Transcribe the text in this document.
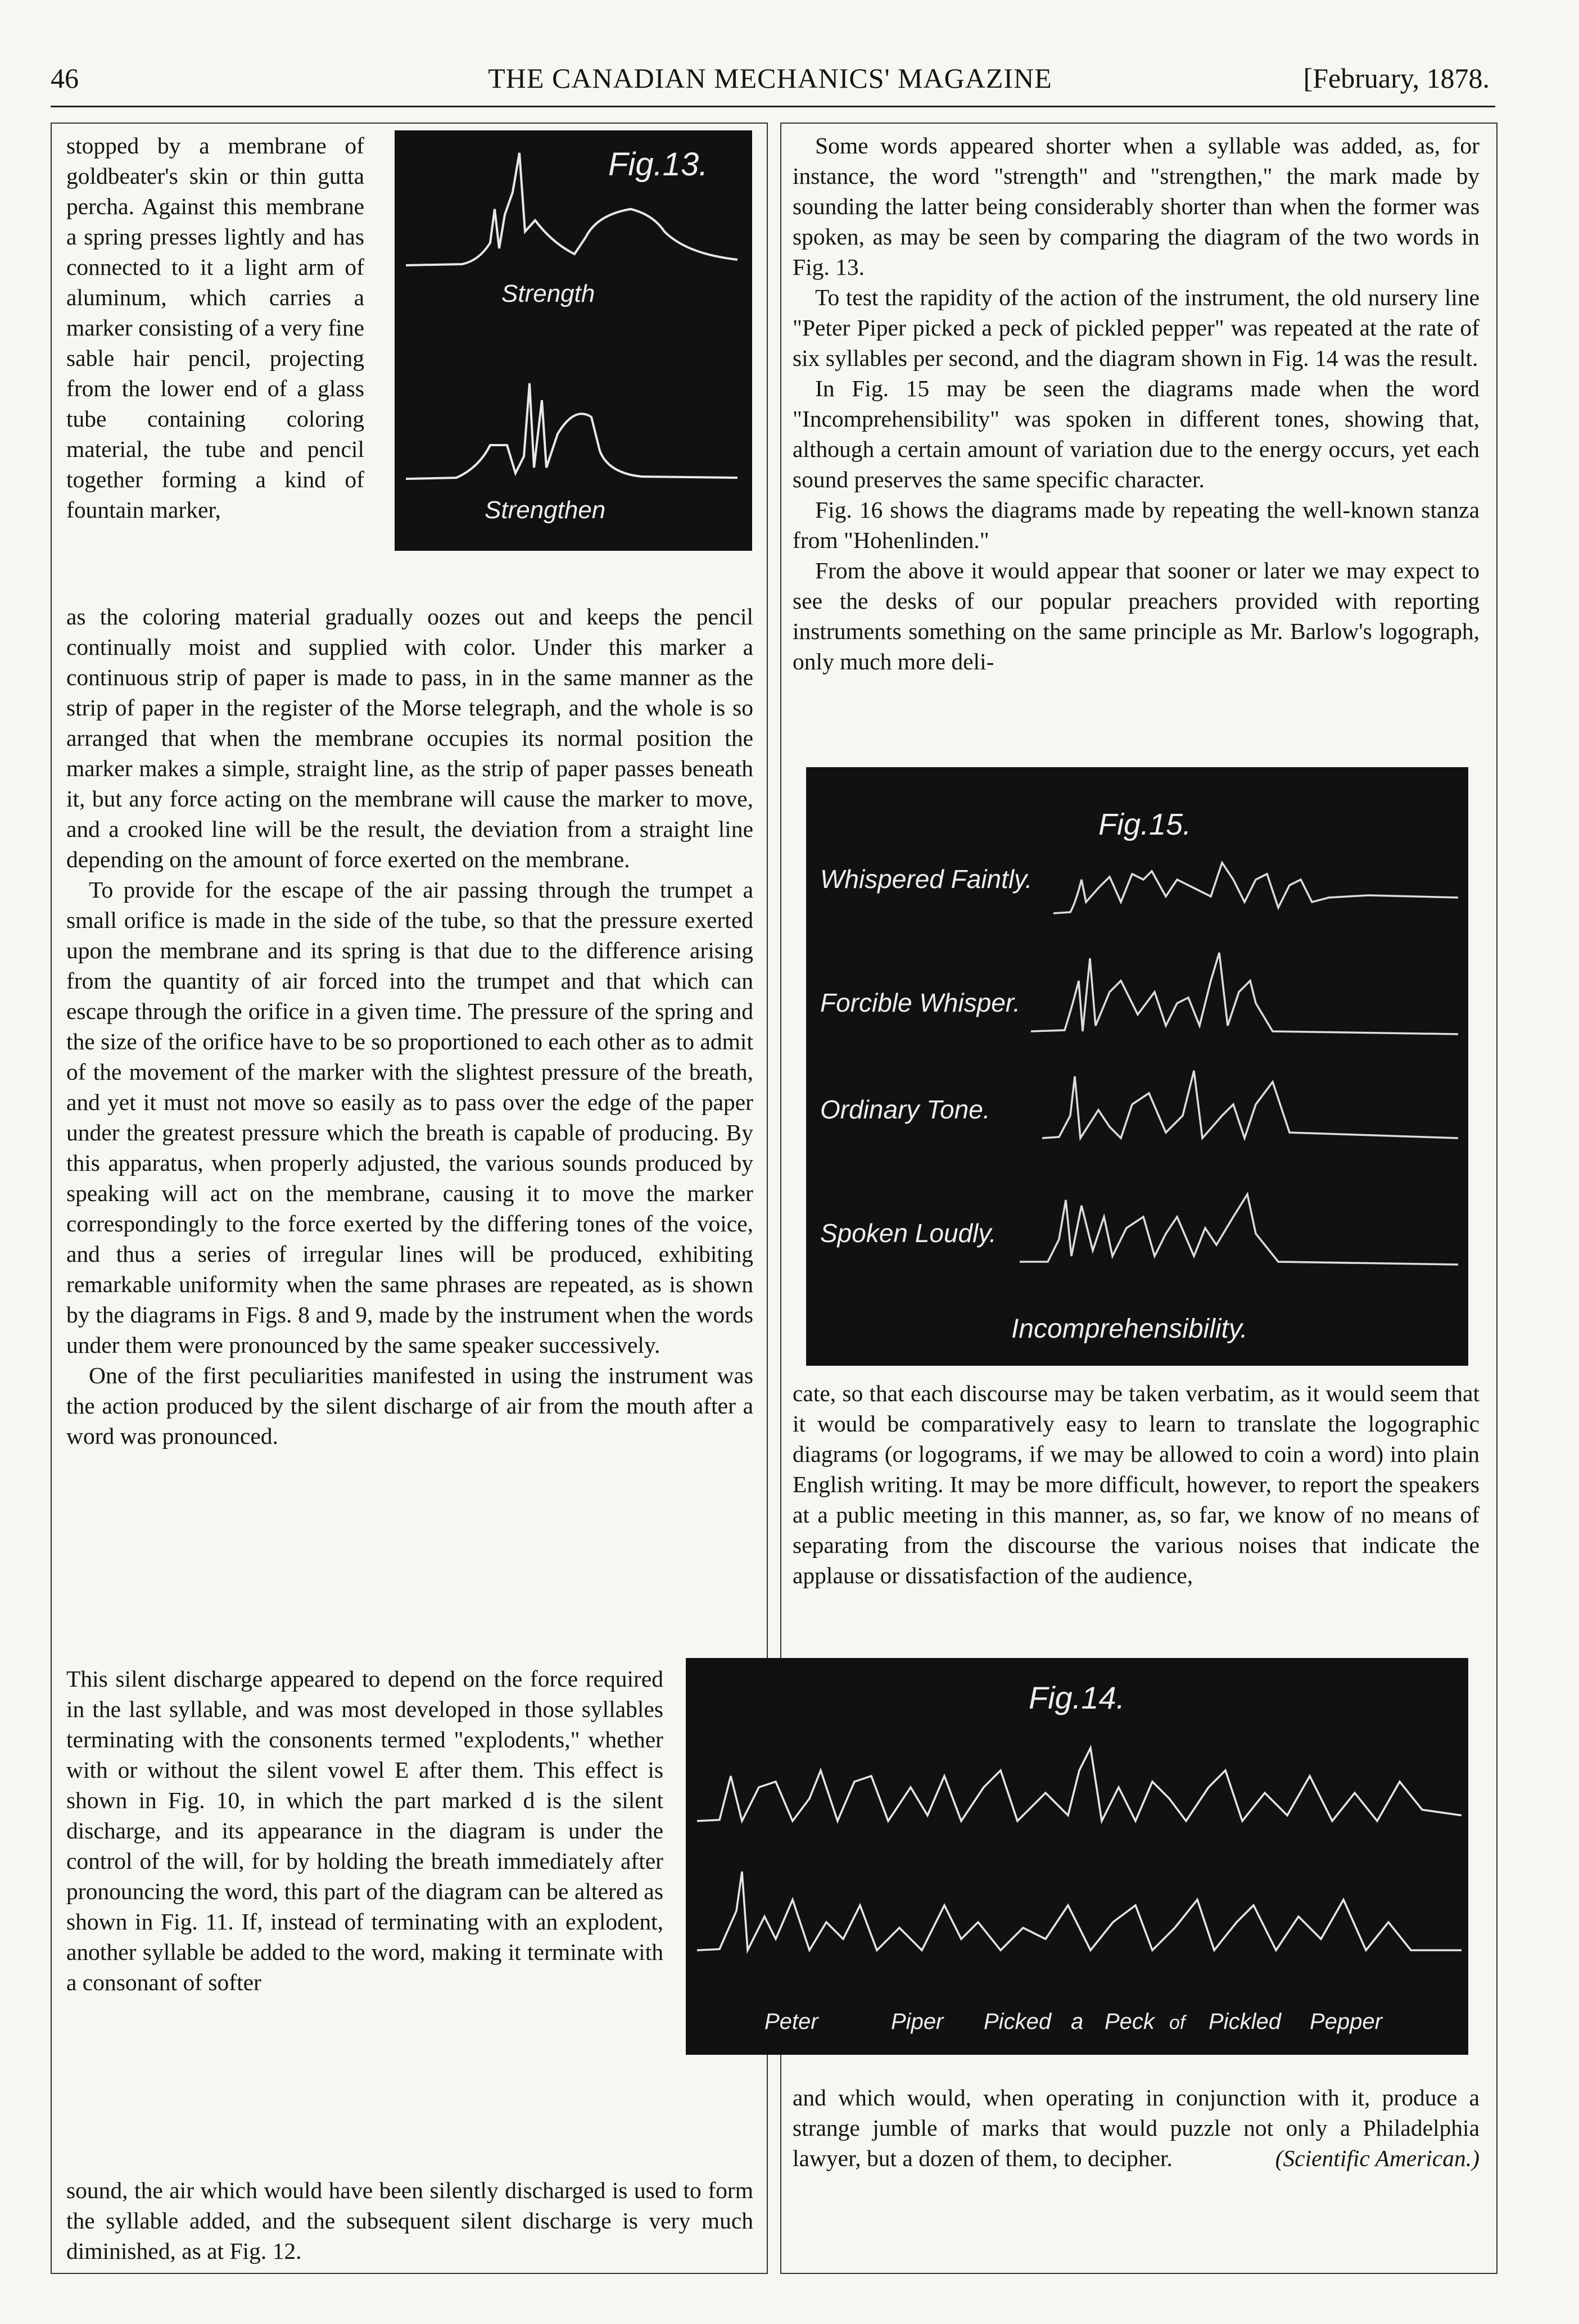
46	THE CANADIAN MECHANICS' MAGAZINE	[February, 1878.

stopped by a membrane of goldbeater's skin or thin gutta percha. Against this membrane a spring presses lightly and has connected to it a light arm of aluminum, which carries a marker consisting of a very fine sable hair pencil, projecting from the lower end of a glass tube containing coloring material, the tube and pencil together forming a kind of fountain marker,

Fig.13.
Strength
Strengthen

as the coloring material gradually oozes out and keeps the pencil continually moist and supplied with color. Under this marker a continuous strip of paper is made to pass, in in the same manner as the strip of paper in the register of the Morse telegraph, and the whole is so arranged that when the membrane occupies its normal position the marker makes a simple, straight line, as the strip of paper passes beneath it, but any force acting on the membrane will cause the marker to move, and a crooked line will be the result, the deviation from a straight line depending on the amount of force exerted on the membrane.

To provide for the escape of the air passing through the trumpet a small orifice is made in the side of the tube, so that the pressure exerted upon the membrane and its spring is that due to the difference arising from the quantity of air forced into the trumpet and that which can escape through the orifice in a given time. The pressure of the spring and the size of the orifice have to be so proportioned to each other as to admit of the movement of the marker with the slightest pressure of the breath, and yet it must not move so easily as to pass over the edge of the paper under the greatest pressure which the breath is capable of producing. By this apparatus, when properly adjusted, the various sounds produced by speaking will act on the membrane, causing it to move the marker correspondingly to the force exerted by the differing tones of the voice, and thus a series of irregular lines will be produced, exhibiting remarkable uniformity when the same phrases are repeated, as is shown by the diagrams in Figs. 8 and 9, made by the instrument when the words under them were pronounced by the same speaker successively.

One of the first peculiarities manifested in using the instrument was the action produced by the silent discharge of air from the mouth after a word was pronounced.

This silent discharge appeared to depend on the force required in the last syllable, and was most developed in those syllables terminating with the consonents termed "explodents," whether with or without the silent vowel E after them. This effect is shown in Fig. 10, in which the part marked d is the silent discharge, and its appearance in the diagram is under the control of the will, for by holding the breath immediately after pronouncing the word, this part of the diagram can be altered as shown in Fig. 11. If, instead of terminating with an explodent, another syllable be added to the word, making it terminate with a consonant of softer

sound, the air which would have been silently discharged is used to form the syllable added, and the subsequent silent discharge is very much diminished, as at Fig. 12.

Some words appeared shorter when a syllable was added, as, for instance, the word "strength" and "strengthen," the mark made by sounding the latter being considerably shorter than when the former was spoken, as may be seen by comparing the diagram of the two words in Fig. 13.

To test the rapidity of the action of the instrument, the old nursery line "Peter Piper picked a peck of pickled pepper" was repeated at the rate of six syllables per second, and the diagram shown in Fig. 14 was the result.

In Fig. 15 may be seen the diagrams made when the word "Incomprehensibility" was spoken in different tones, showing that, although a certain amount of variation due to the energy occurs, yet each sound preserves the same specific character.

Fig. 16 shows the diagrams made by repeating the well-known stanza from "Hohenlinden."

From the above it would appear that sooner or later we may expect to see the desks of our popular preachers provided with reporting instruments something on the same principle as Mr. Barlow's logograph, only much more deli-

Fig.15.
Whispered Faintly.
Forcible Whisper.
Ordinary Tone.
Spoken Loudly.
Incomprehensibility.

cate, so that each discourse may be taken verbatim, as it would seem that it would be comparatively easy to learn to translate the logographic diagrams (or logograms, if we may be allowed to coin a word) into plain English writing. It may be more difficult, however, to report the speakers at a public meeting in this manner, as, so far, we know of no means of separating from the discourse the various noises that indicate the applause or dissatisfaction of the audience,

Fig.14.
Peter	Piper Picked a Peck of Pickled Pepper

and which would, when operating in conjunction with it, produce a strange jumble of marks that would puzzle not only a Philadelphia lawyer, but a dozen of them, to decipher.	(Scientific American.)
